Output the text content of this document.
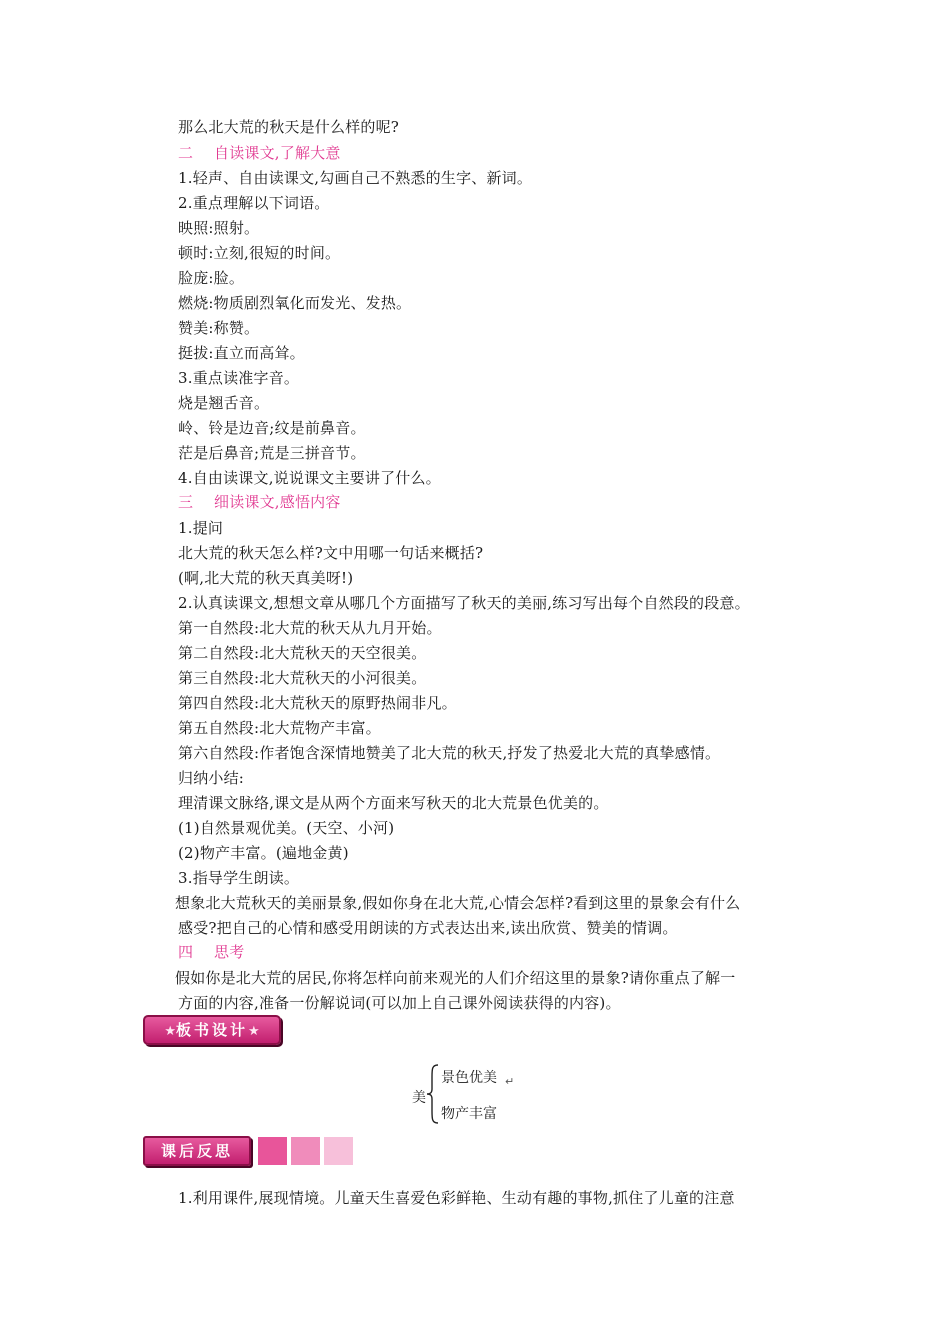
那么北大荒的秋天是什么样的呢?
二 自读课文,了解大意
1.轻声、自由读课文,勾画自己不熟悉的生字、新词。
2.重点理解以下词语。
映照:照射。
顿时:立刻,很短的时间。
脸庞:脸。
燃烧:物质剧烈氧化而发光、发热。
赞美:称赞。
挺拔:直立而高耸。
3.重点读准字音。
烧是翘舌音。
岭、铃是边音;纹是前鼻音。
茫是后鼻音;荒是三拼音节。
4.自由读课文,说说课文主要讲了什么。
三 细读课文,感悟内容
1.提问
北大荒的秋天怎么样?文中用哪一句话来概括?
(啊,北大荒的秋天真美呀!)
2.认真读课文,想想文章从哪几个方面描写了秋天的美丽,练习写出每个自然段的段意。
第一自然段:北大荒的秋天从九月开始。
第二自然段:北大荒秋天的天空很美。
第三自然段:北大荒秋天的小河很美。
第四自然段:北大荒秋天的原野热闹非凡。
第五自然段:北大荒物产丰富。
第六自然段:作者饱含深情地赞美了北大荒的秋天,抒发了热爱北大荒的真挚感情。
归纳小结:
理清课文脉络,课文是从两个方面来写秋天的北大荒景色优美的。
(1)自然景观优美。(天空、小河)
(2)物产丰富。(遍地金黄)
3.指导学生朗读。
想象北大荒秋天的美丽景象,假如你身在北大荒,心情会怎样?看到这里的景象会有什么
感受?把自己的心情和感受用朗读的方式表达出来,读出欣赏、赞美的情调。
四 思考
假如你是北大荒的居民,你将怎样向前来观光的人们介绍这里的景象?请你重点了解一
方面的内容,准备一份解说词(可以加上自己课外阅读获得的内容)。
★板书设计★
美
景色优美 ↵
物产丰富
课后反思
1.利用课件,展现情境。儿童天生喜爱色彩鲜艳、生动有趣的事物,抓住了儿童的注意
